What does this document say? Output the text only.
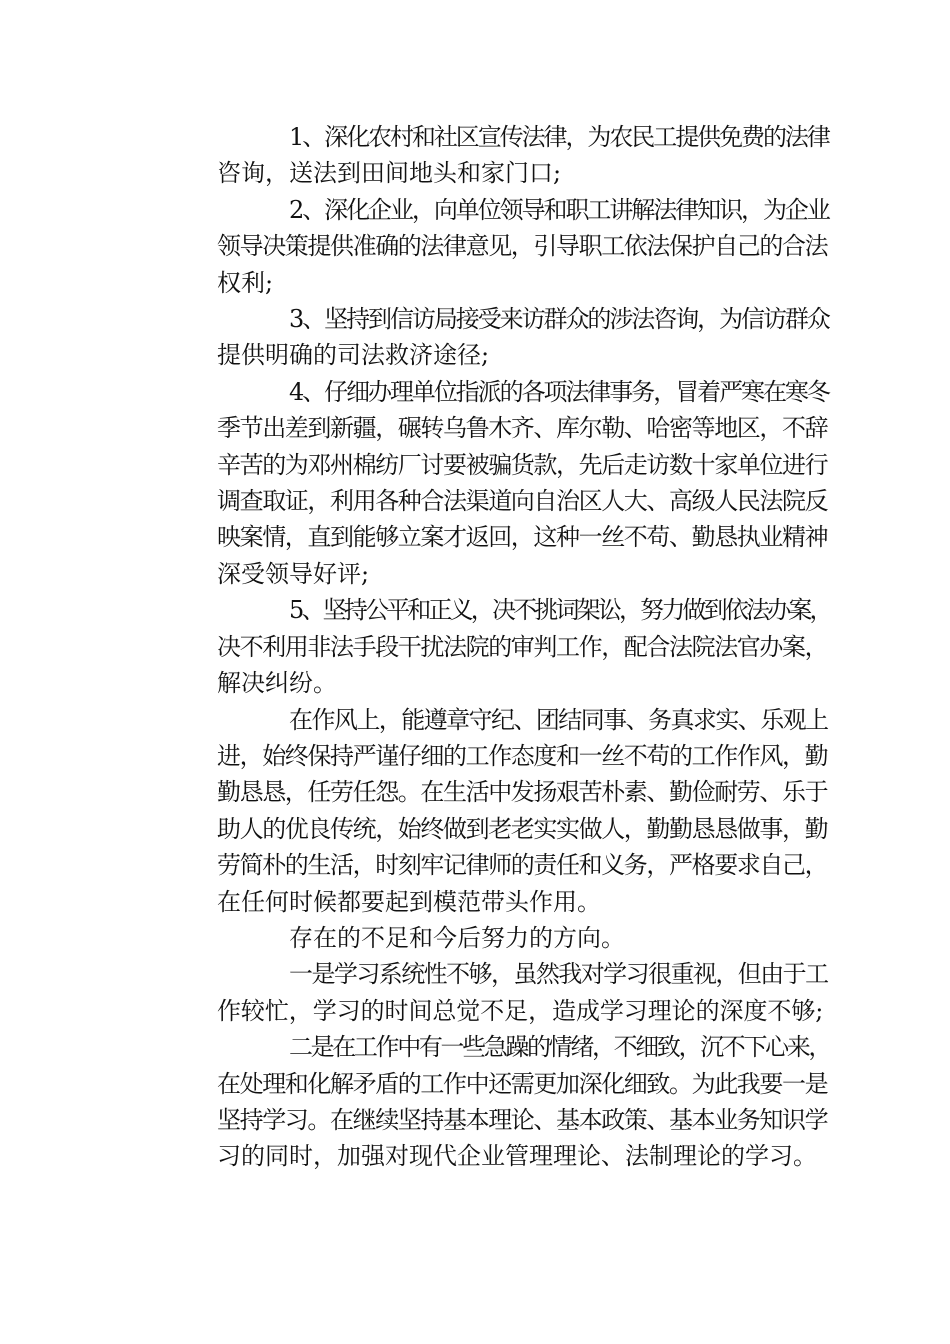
1、深化农村和社区宣传法律，为农民工提供免费的法律
咨询，送法到田间地头和家门口;
2、深化企业，向单位领导和职工讲解法律知识，为企业
领导决策提供准确的法律意见，引导职工依法保护自己的合法
权利;
3、坚持到信访局接受来访群众的涉法咨询，为信访群众
提供明确的司法救济途径;
4、仔细办理单位指派的各项法律事务，冒着严寒在寒冬
季节出差到新疆，碾转乌鲁木齐、库尔勒、哈密等地区，不辞
辛苦的为邓州棉纺厂讨要被骗货款，先后走访数十家单位进行
调查取证，利用各种合法渠道向自治区人大、高级人民法院反
映案情，直到能够立案才返回，这种一丝不苟、勤恳执业精神
深受领导好评;
5、坚持公平和正义，决不挑词架讼，努力做到依法办案，
决不利用非法手段干扰法院的审判工作，配合法院法官办案，
解决纠纷。
在作风上，能遵章守纪、团结同事、务真求实、乐观上
进，始终保持严谨仔细的工作态度和一丝不苟的工作作风，勤
勤恳恳，任劳任怨。在生活中发扬艰苦朴素、勤俭耐劳、乐于
助人的优良传统，始终做到老老实实做人，勤勤恳恳做事，勤
劳简朴的生活，时刻牢记律师的责任和义务，严格要求自己，
在任何时候都要起到模范带头作用。
存在的不足和今后努力的方向。
一是学习系统性不够，虽然我对学习很重视，但由于工
作较忙，学习的时间总觉不足，造成学习理论的深度不够;
二是在工作中有一些急躁的情绪，不细致，沉不下心来，
在处理和化解矛盾的工作中还需更加深化细致。为此我要一是
坚持学习。在继续坚持基本理论、基本政策、基本业务知识学
习的同时，加强对现代企业管理理论、法制理论的学习。
